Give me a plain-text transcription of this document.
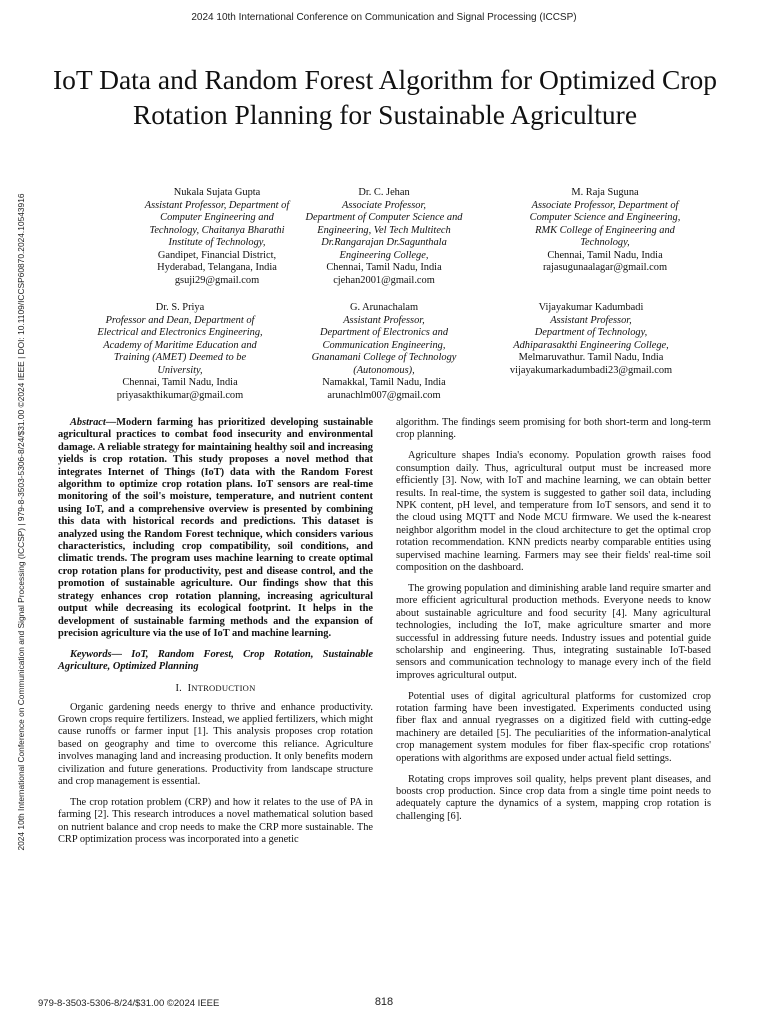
2024 10th International Conference on Communication and Signal Processing (ICCSP)
2024 10th International Conference on Communication and Signal Processing (ICCSP) | 979-8-3503-5306-8/24/$31.00 ©2024 IEEE | DOI: 10.1109/ICCSP60870.2024.10543916
IoT Data and Random Forest Algorithm for Optimized Crop Rotation Planning for Sustainable Agriculture
Nukala Sujata Gupta
Assistant Professor, Department of
Computer Engineering and
Technology, Chaitanya Bharathi
Institute of Technology,
Gandipet, Financial District,
Hyderabad, Telangana, India
gsuji29@gmail.com
Dr. C. Jehan
Associate Professor,
Department of Computer Science and
Engineering, Vel Tech Multitech
Dr.Rangarajan Dr.Sagunthala
Engineering College,
Chennai, Tamil Nadu, India
cjehan2001@gmail.com
M. Raja Suguna
Associate Professor, Department of
Computer Science and Engineering,
RMK College of Engineering and
Technology,
Chennai, Tamil Nadu, India
rajasugunaalagar@gmail.com
Dr. S. Priya
Professor and Dean, Department of
Electrical and Electronics Engineering,
Academy of Maritime Education and
Training (AMET) Deemed to be
University,
Chennai, Tamil Nadu, India
priyasakthikumar@gmail.com
G. Arunachalam
Assistant Professor,
Department of Electronics and
Communication Engineering,
Gnanamani College of Technology
(Autonomous),
Namakkal, Tamil Nadu, India
arunachlm007@gmail.com
Vijayakumar Kadumbadi
Assistant Professor,
Department of Technology,
Adhiparasakthi Engineering College,
Melmaruvathur. Tamil Nadu, India
vijayakumarkadumbadi23@gmail.com

Abstract—Modern farming has prioritized developing sustainable agricultural practices to combat food insecurity and environmental damage. A reliable strategy for maintaining healthy soil and increasing yields is crop rotation. This study proposes a novel method that integrates Internet of Things (IoT) data with the Random Forest algorithm to optimize crop rotation plans. IoT sensors are real-time monitoring of the soil's moisture, temperature, and nutrient content using IoT, and a comprehensive overview is presented by combining this data with historical records and predictions. This dataset is analyzed using the Random Forest technique, which considers various characteristics, including crop compatibility, soil conditions, and climatic trends. The program uses machine learning to create optimal crop rotation plans for productivity, pest and disease control, and the promotion of sustainable agriculture. Our findings show that this strategy enhances crop rotation planning, increasing agricultural output while decreasing its ecological footprint. It helps in the development of sustainable farming methods and the expansion of precision agriculture via the use of IoT and machine learning.

Keywords— IoT, Random Forest, Crop Rotation, Sustainable Agriculture, Optimized Planning

I. INTRODUCTION

Organic gardening needs energy to thrive and enhance productivity. Grown crops require fertilizers. Instead, we applied fertilizers, which might cause runoffs or farmer input [1]. This analysis proposes crop rotation based on geography and time to overcome this reliance. Agriculture involves managing land and increasing production. It only benefits modern civilization and future generations. Productivity from landscape structure and crop management is essential.

The crop rotation problem (CRP) and how it relates to the use of PA in farming [2]. This research introduces a novel mathematical solution based on nutrient balance and crop needs to make the CRP more sustainable. The CRP optimization process was incorporated into a genetic

algorithm. The findings seem promising for both short-term and long-term crop planning.

Agriculture shapes India's economy. Population growth raises food consumption daily. Thus, agricultural output must be increased more efficiently [3]. Now, with IoT and machine learning, we can obtain better results. In real-time, the system is suggested to gather soil data, including NPK content, pH level, and temperature from IoT sensors, and send it to the cloud using MQTT and Node MCU firmware. We used the k-nearest neighbor algorithm model in the cloud architecture to get the optimal crop rotation recommendation. KNN predicts nearby comparable entities using supervised machine learning. Farmers may see their fields' real-time soil composition on the dashboard.

The growing population and diminishing arable land require smarter and more efficient agricultural production methods. Everyone needs to know about sustainable agriculture and food security [4]. Many agricultural technologies, including the IoT, make agriculture smarter and more successful in addressing future needs. Industry issues and potential guide scholarship and engineering. Thus, integrating sustainable IoT-based sensors and communication technology to manage every inch of the field improves agricultural output.

Potential uses of digital agricultural platforms for customized crop rotation farming have been investigated. Experiments conducted using fiber flax and annual ryegrasses on a digitized field with cutting-edge machinery are detailed [5]. The peculiarities of the information-analytical crop management system modules for fiber flax-specific crop rotations' operations with algorithms are exposed under actual field settings.

Rotating crops improves soil quality, helps prevent plant diseases, and boosts crop production. Since crop data from a single time point needs to adequately capture the dynamics of a system, mapping crop rotation is challenging [6].

979-8-3503-5306-8/24/$31.00 ©2024 IEEE	818
